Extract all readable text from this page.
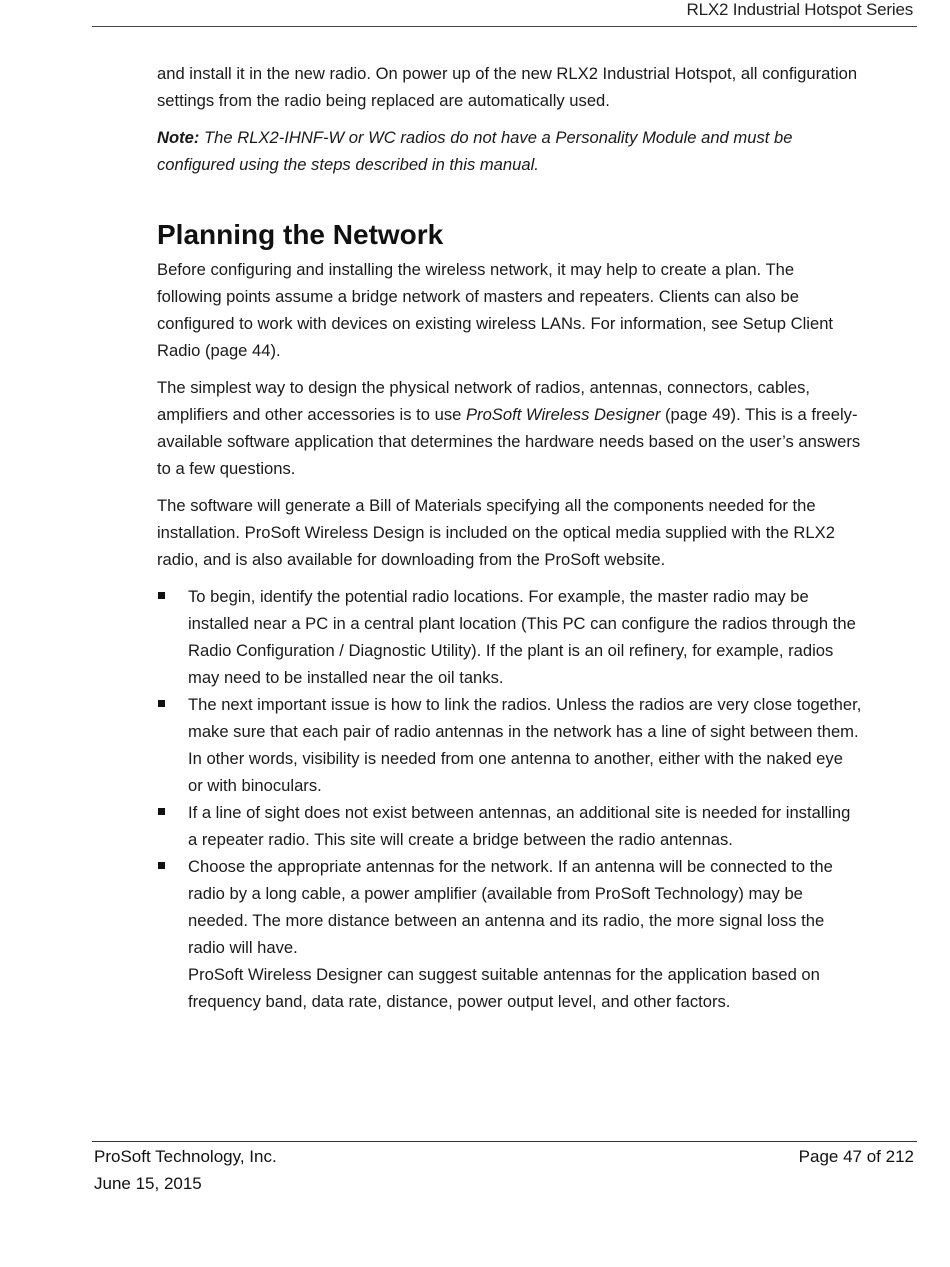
RLX2 Industrial Hotspot Series

and install it in the new radio. On power up of the new RLX2 Industrial Hotspot, all configuration settings from the radio being replaced are automatically used.

Note: The RLX2-IHNF-W or WC radios do not have a Personality Module and must be configured using the steps described in this manual.

Planning the Network

Before configuring and installing the wireless network, it may help to create a plan. The following points assume a bridge network of masters and repeaters. Clients can also be configured to work with devices on existing wireless LANs. For information, see Setup Client Radio (page 44).

The simplest way to design the physical network of radios, antennas, connectors, cables, amplifiers and other accessories is to use ProSoft Wireless Designer (page 49). This is a freely-available software application that determines the hardware needs based on the user’s answers to a few questions.

The software will generate a Bill of Materials specifying all the components needed for the installation. ProSoft Wireless Design is included on the optical media supplied with the RLX2 radio, and is also available for downloading from the ProSoft website.

To begin, identify the potential radio locations. For example, the master radio may be installed near a PC in a central plant location (This PC can configure the radios through the Radio Configuration / Diagnostic Utility). If the plant is an oil refinery, for example, radios may need to be installed near the oil tanks.
The next important issue is how to link the radios. Unless the radios are very close together, make sure that each pair of radio antennas in the network has a line of sight between them. In other words, visibility is needed from one antenna to another, either with the naked eye or with binoculars.
If a line of sight does not exist between antennas, an additional site is needed for installing a repeater radio. This site will create a bridge between the radio antennas.
Choose the appropriate antennas for the network. If an antenna will be connected to the radio by a long cable, a power amplifier (available from ProSoft Technology) may be needed. The more distance between an antenna and its radio, the more signal loss the radio will have.
ProSoft Wireless Designer can suggest suitable antennas for the application based on frequency band, data rate, distance, power output level, and other factors.
ProSoft Technology, Inc.
June 15, 2015
Page 47 of 212
